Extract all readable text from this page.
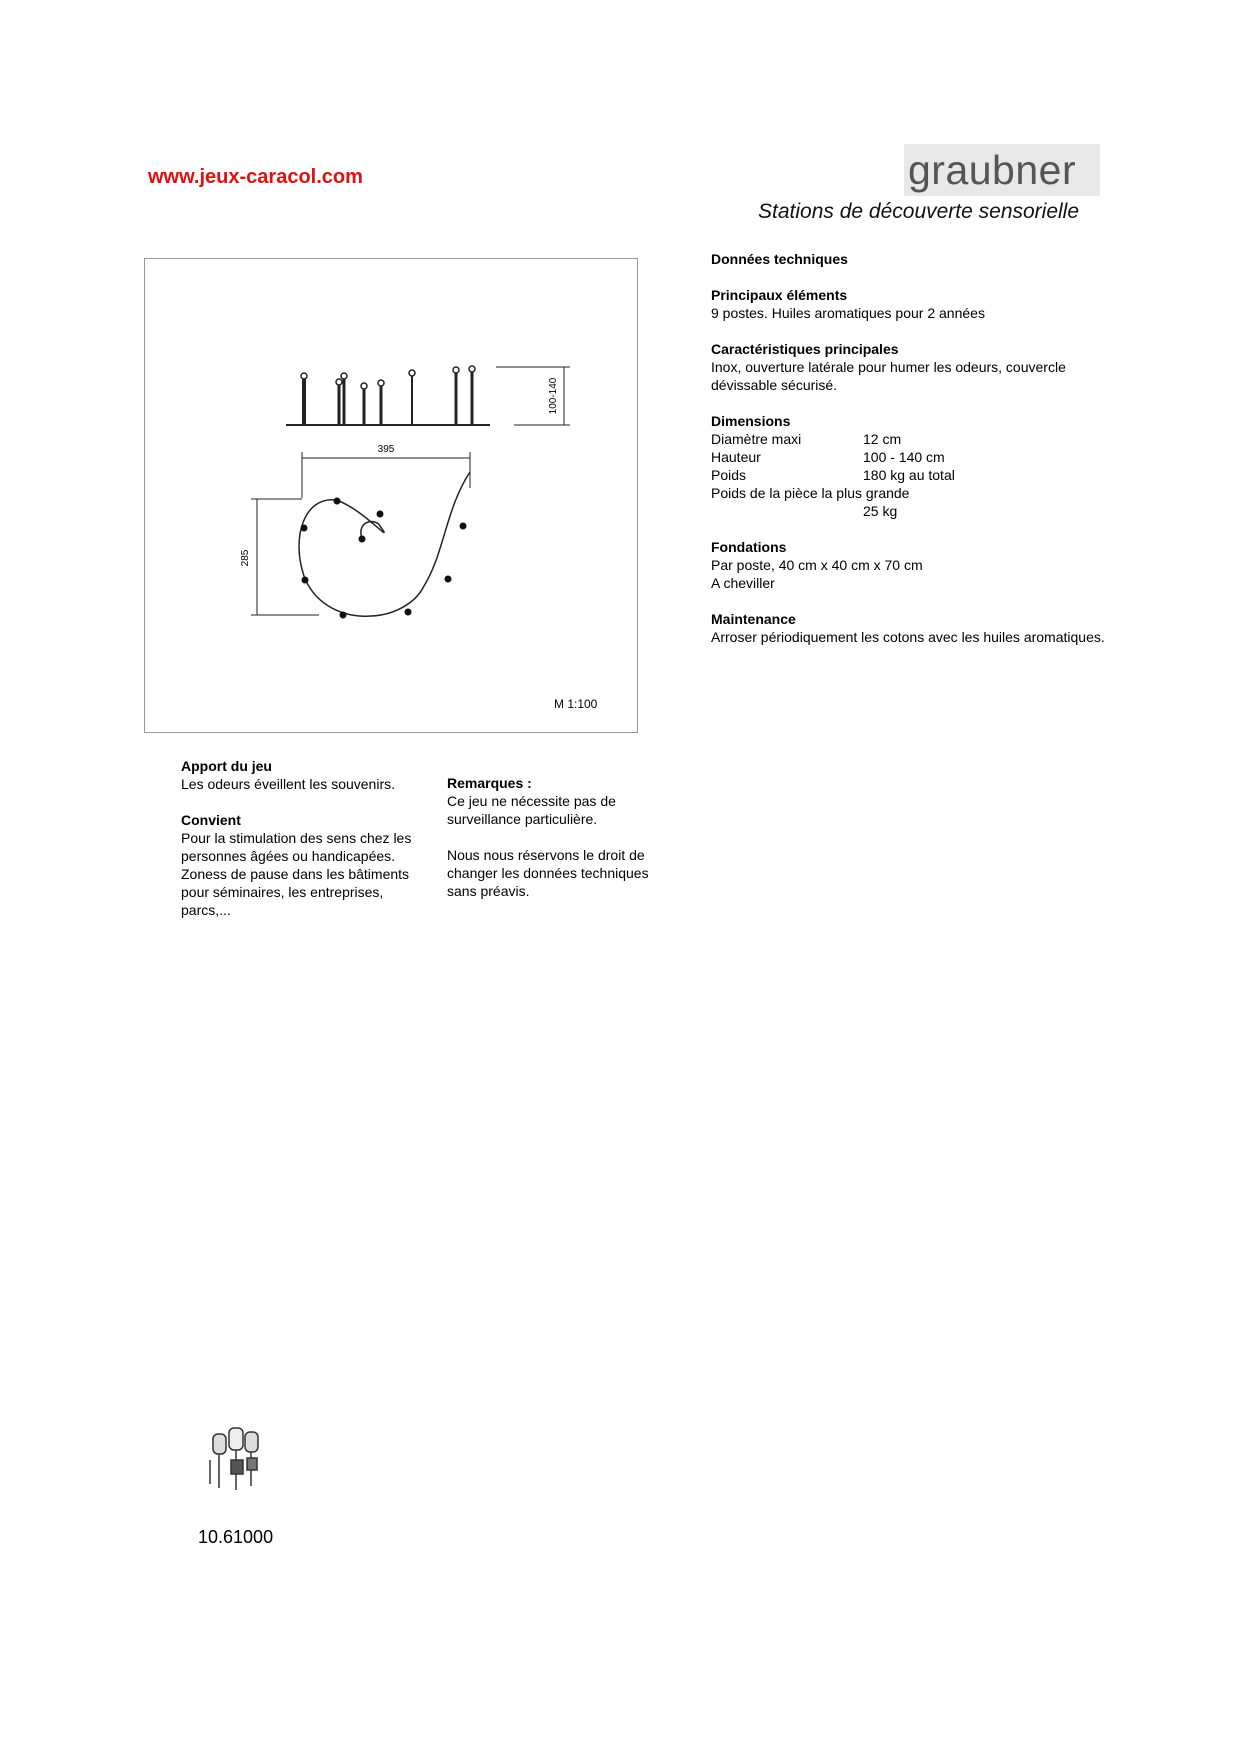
www.jeux-caracol.com	graubner
Stations de découverte sensorielle
100-140
395
285
M 1:100
Données techniques
Principaux éléments
9 postes. Huiles aromatiques pour 2 années
Caractéristiques principales
Inox, ouverture latérale pour humer les odeurs, couvercle dévissable sécurisé.
Dimensions
Diamètre maxi	12 cm
Hauteur	100 - 140 cm
Poids	180 kg au total
Poids de la pièce la plus grande
25 kg
Fondations
Par poste, 40 cm x 40 cm x 70 cm
A cheviller
Maintenance
Arroser périodiquement les cotons avec les huiles aromatiques.
Apport du jeu
Les odeurs éveillent les souvenirs.
Convient
Pour la stimulation des sens chez les personnes âgées ou handicapées. Zoness de pause dans les bâtiments pour séminaires, les entreprises, parcs,...
Remarques :
Ce jeu ne nécessite pas de surveillance particulière.
Nous nous réservons le droit de changer les données techniques sans préavis.
10.61000
